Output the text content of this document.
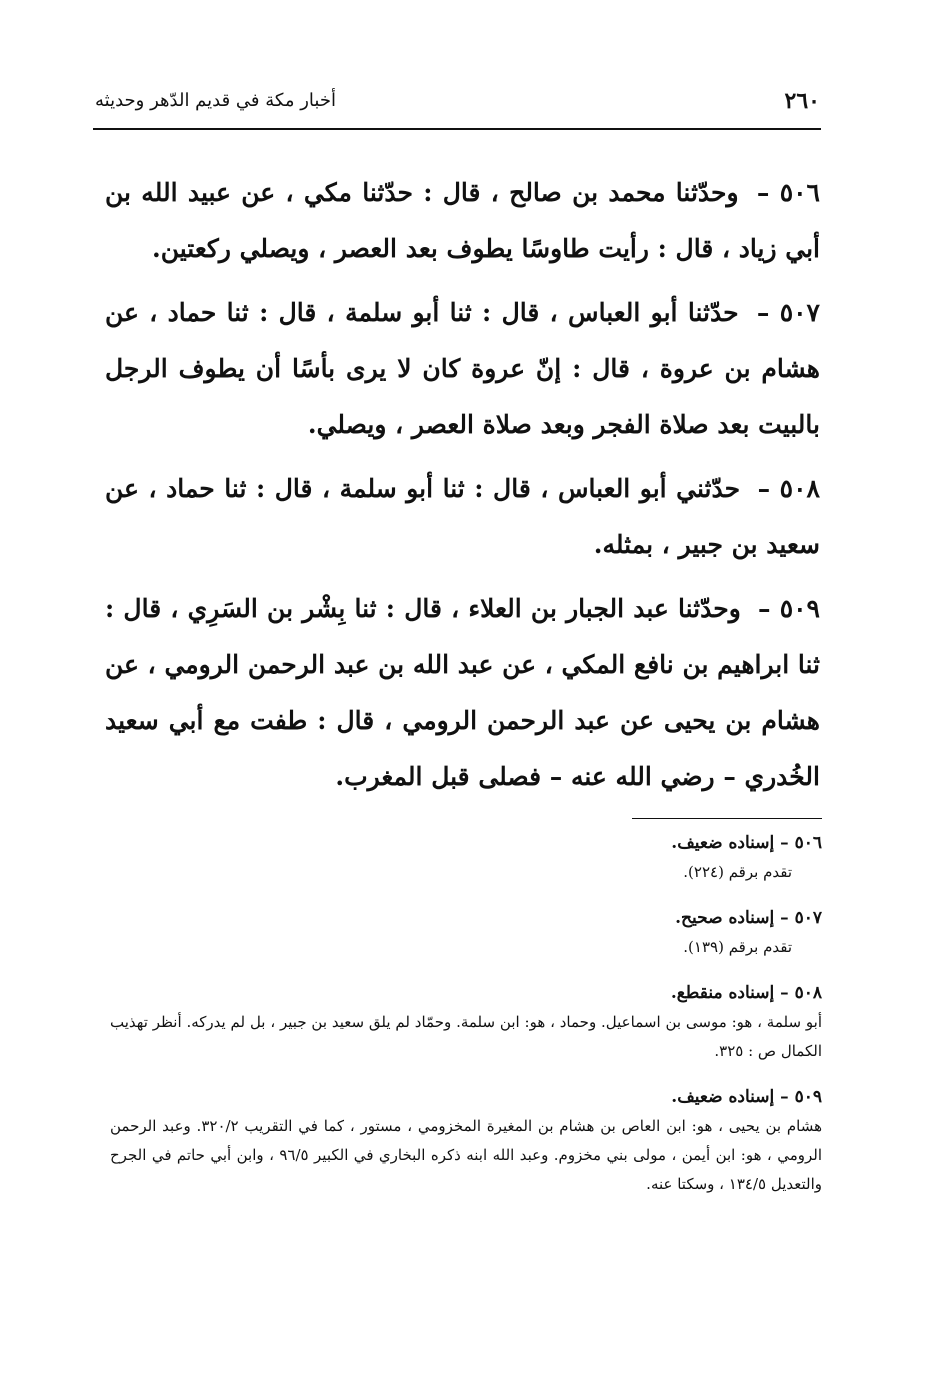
٢٦٠
أخبار مكة في قديم الدّهر وحديثه

٥٠٦ – وحدّثنا محمد بن صالح ، قال : حدّثنا مكي ، عن عبيد الله بن أبي زياد ، قال : رأيت طاوسًا يطوف بعد العصر ، ويصلي ركعتين.

٥٠٧ – حدّثنا أبو العباس ، قال : ثنا أبو سلمة ، قال : ثنا حماد ، عن هشام بن عروة ، قال : إنّ عروة كان لا يرى بأسًا أن يطوف الرجل بالبيت بعد صلاة الفجر وبعد صلاة العصر ، ويصلي.

٥٠٨ – حدّثني أبو العباس ، قال : ثنا أبو سلمة ، قال : ثنا حماد ، عن سعيد بن جبير ، بمثله.

٥٠٩ – وحدّثنا عبد الجبار بن العلاء ، قال : ثنا بِشْر بن السَرِي ، قال : ثنا ابراهيم بن نافع المكي ، عن عبد الله بن عبد الرحمن الرومي ، عن هشام بن يحيى عن عبد الرحمن الرومي ، قال : طفت مع أبي سعيد الخُدري – رضي الله عنه – فصلى قبل المغرب.

٥٠٦ – إسناده ضعيف.
تقدم برقم (٢٢٤).
٥٠٧ – إسناده صحيح.
تقدم برقم (١٣٩).
٥٠٨ – إسناده منقطع.
أبو سلمة ، هو: موسى بن اسماعيل. وحماد ، هو: ابن سلمة. وحمّاد لم يلق سعيد بن جبير ، بل لم يدركه. أنظر تهذيب الكمال ص : ٣٢٥.
٥٠٩ – إسناده ضعيف.
هشام بن يحيى ، هو: ابن العاص بن هشام بن المغيرة المخزومي ، مستور ، كما في التقريب ٣٢٠/٢. وعبد الرحمن الرومي ، هو: ابن أيمن ، مولى بني مخزوم. وعبد الله ابنه ذكره البخاري في الكبير ٩٦/٥ ، وابن أبي حاتم في الجرح والتعديل ١٣٤/٥ ، وسكتا عنه.
